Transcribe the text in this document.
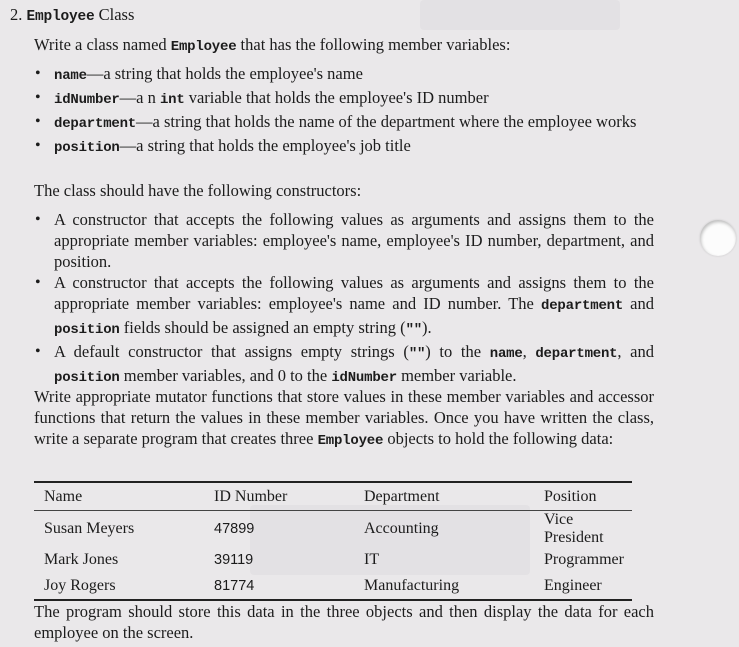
2. Employee Class

Write a class named Employee that has the following member variables:

• name—a string that holds the employee's name
• idNumber—a n int variable that holds the employee's ID number
• department—a string that holds the name of the department where the employee works
• position—a string that holds the employee's job title

The class should have the following constructors:

• A constructor that accepts the following values as arguments and assigns them to the appropriate member variables: employee's name, employee's ID number, department, and position.
• A constructor that accepts the following values as arguments and assigns them to the appropriate member variables: employee's name and ID number. The department and position fields should be assigned an empty string ("").
• A default constructor that assigns empty strings ("") to the name, department, and position member variables, and 0 to the idNumber member variable.

Write appropriate mutator functions that store values in these member variables and accessor functions that return the values in these member variables. Once you have written the class, write a separate program that creates three Employee objects to hold the following data:

Name	ID Number	Department	Position
Susan Meyers	47899	Accounting	Vice President
Mark Jones	39119	IT	Programmer
Joy Rogers	81774	Manufacturing	Engineer

The program should store this data in the three objects and then display the data for each employee on the screen.
